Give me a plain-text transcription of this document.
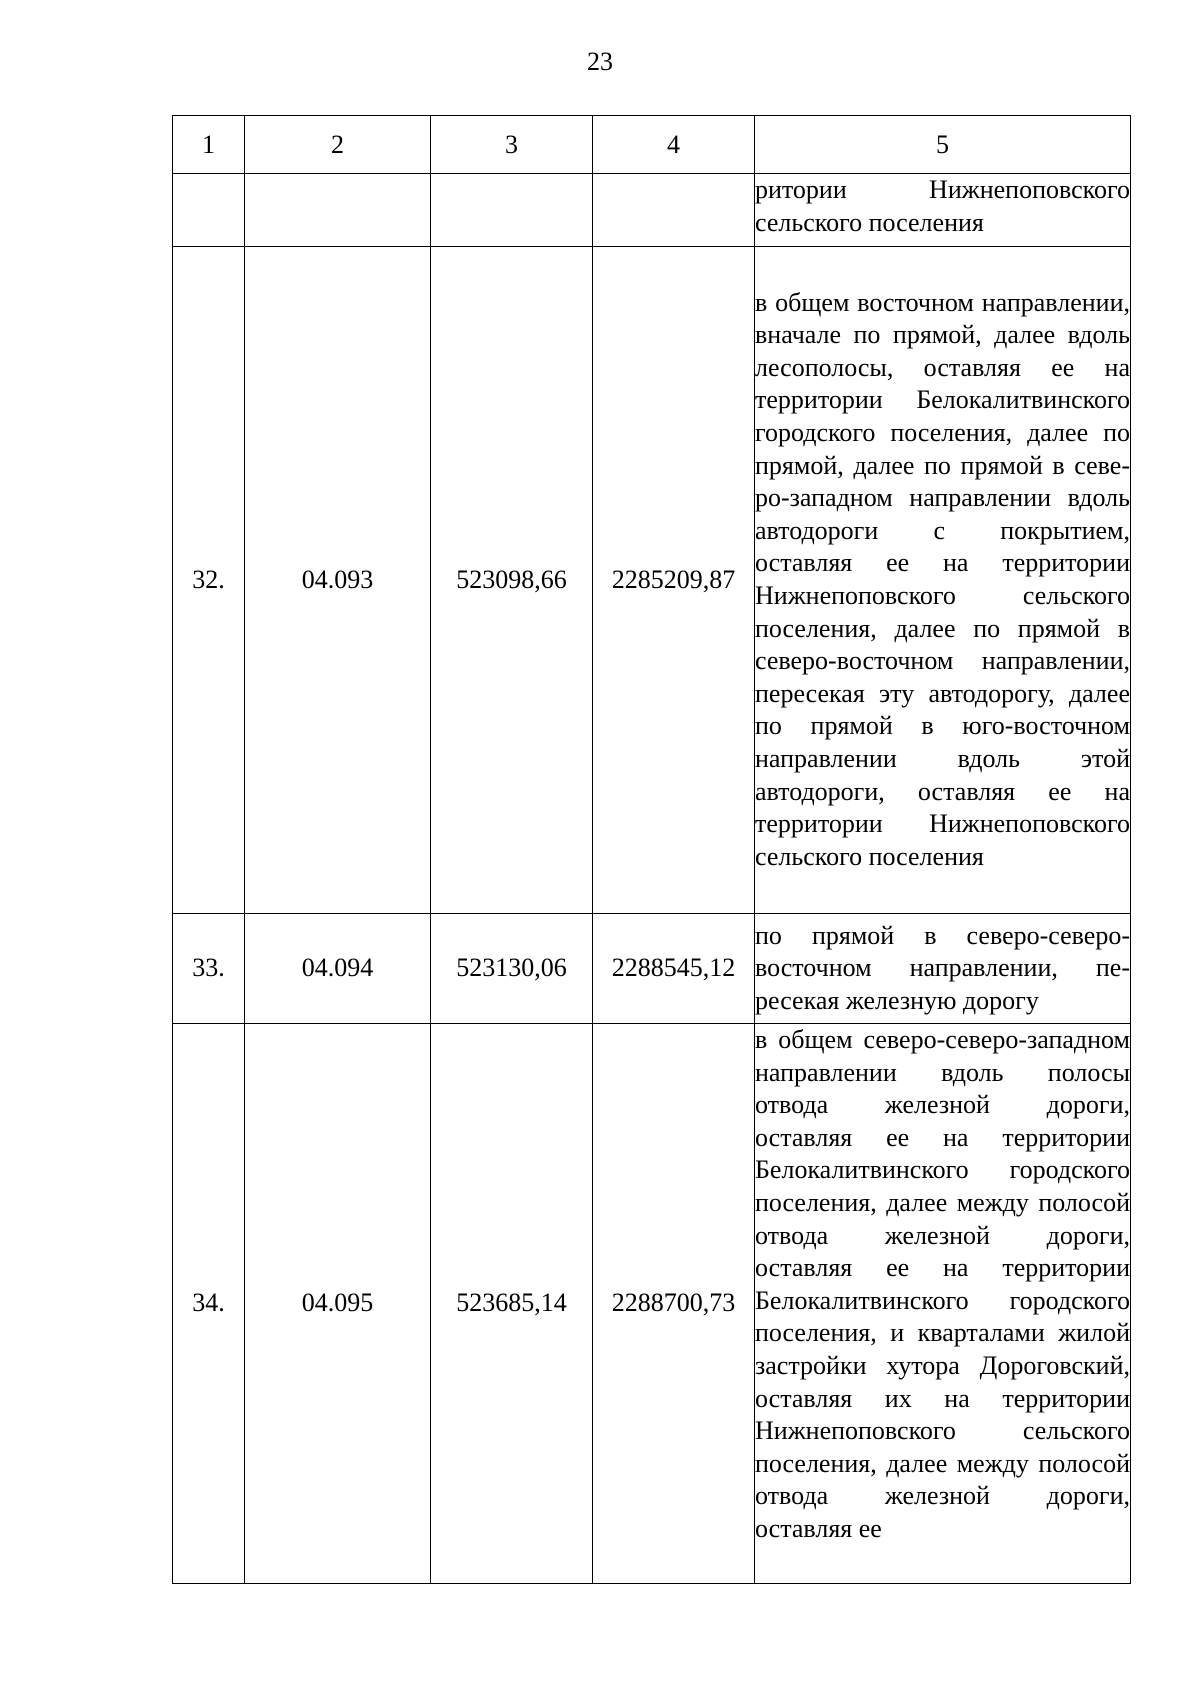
23
1	2	3	4	5
				ритории Нижнепоповского сельского поселения
32.	04.093	523098,66	2285209,87	в общем восточном направлении, вначале по прямой, далее вдоль лесополосы, оставляя ее на территории Белокалитвинского городского поселения, далее по прямой, далее по прямой в северо-западном направлении вдоль автодороги с покрытием, оставляя ее на территории Нижнепоповского сельского поселения, далее по прямой в северо-восточном направлении, пересекая эту автодорогу, далее по прямой в юго-восточном направлении вдоль этой автодороги, оставляя ее на территории Нижнепоповского сельского поселения
33.	04.094	523130,06	2288545,12	по прямой в северо-северо-восточном направлении, пересекая железную дорогу
34.	04.095	523685,14	2288700,73	в общем северо-северо-западном направлении вдоль полосы отвода железной дороги, оставляя ее на территории Белокалитвинского городского поселения, далее между полосой отвода железной дороги, оставляя ее на территории Белокалитвинского городского поселения, и кварталами жилой застройки хутора Дороговский, оставляя их на территории Нижнепоповского сельского поселения, далее между полосой отвода железной дороги, оставляя ее
